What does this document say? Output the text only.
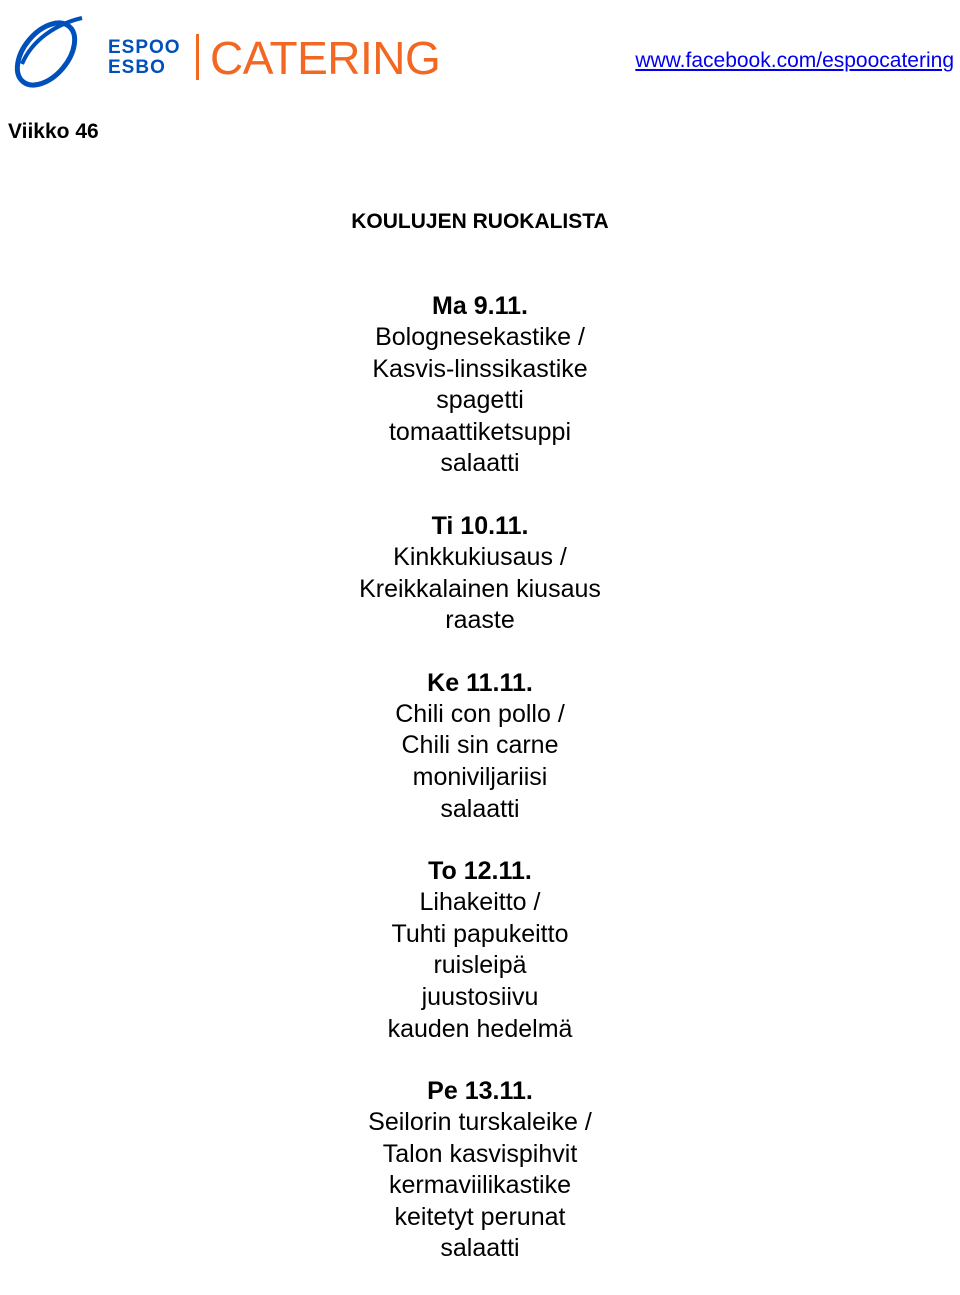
ESPOO
ESBO CATERING	www.facebook.com/espoocatering
Viikko 46
KOULUJEN RUOKALISTA
Ma 9.11.
Bolognesekastike /
Kasvis-linssikastike
spagetti
tomaattiketsuppi
salaatti
Ti 10.11.
Kinkkukiusaus /
Kreikkalainen kiusaus
raaste
Ke 11.11.
Chili con pollo /
Chili sin carne
moniviljariisi
salaatti
To 12.11.
Lihakeitto /
Tuhti papukeitto
ruisleipä
juustosiivu
kauden hedelmä
Pe 13.11.
Seilorin turskaleike /
Talon kasvispihvit
kermaviilikastike
keitetyt perunat
salaatti
